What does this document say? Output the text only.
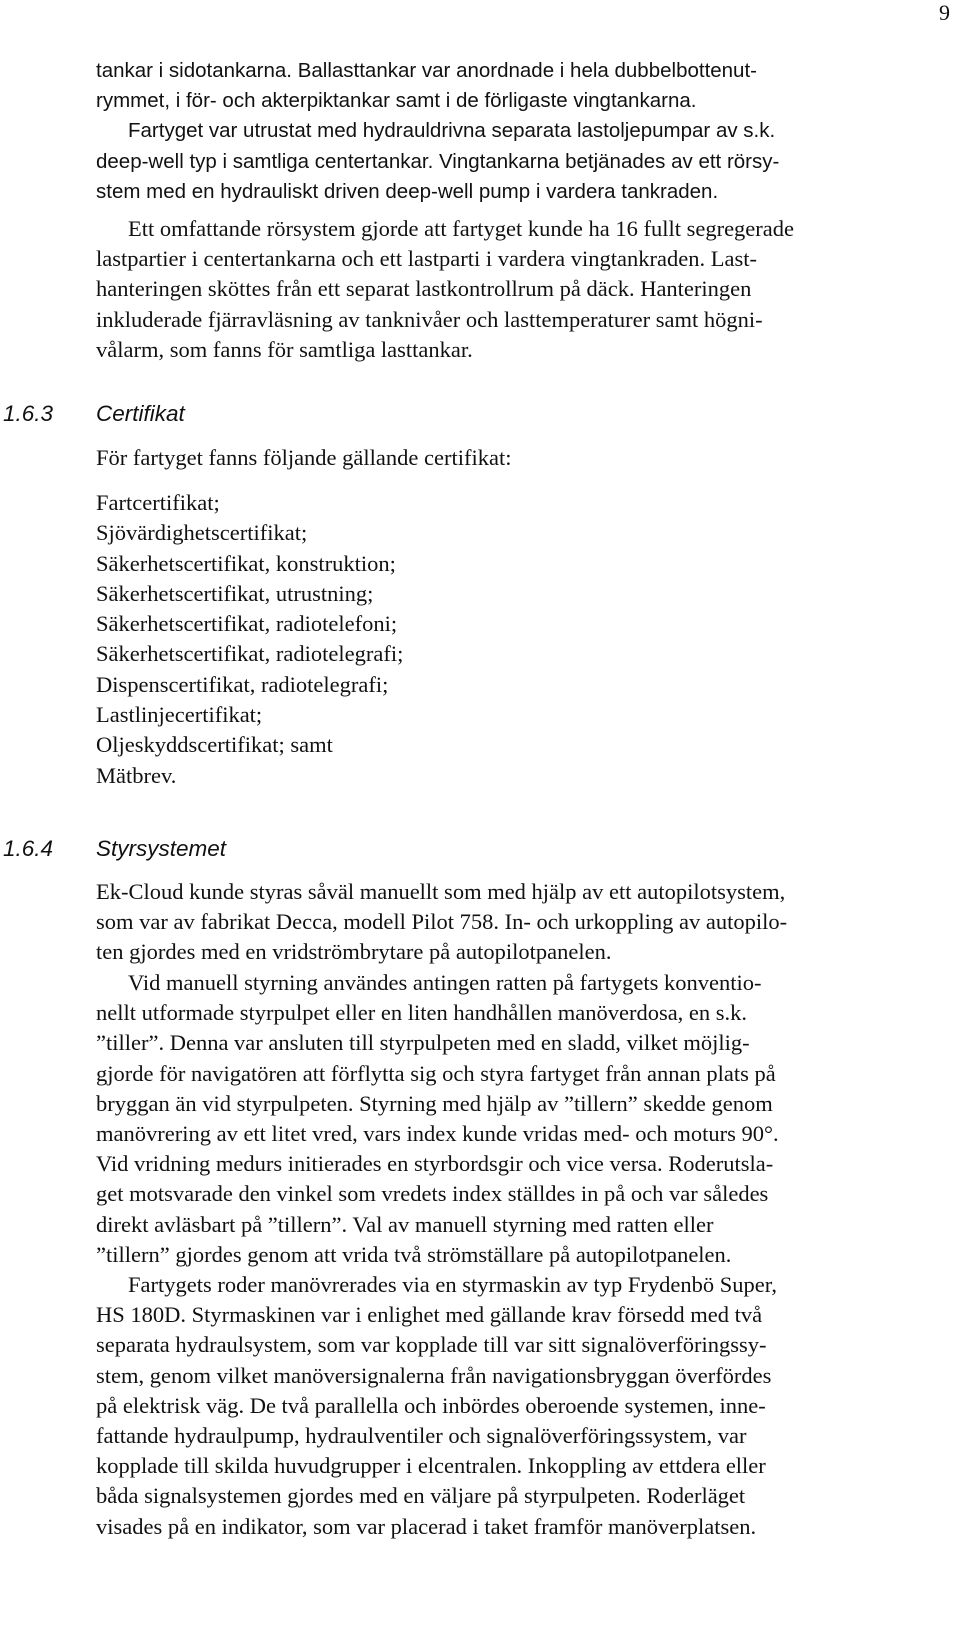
9
tankar i sidotankarna. Ballasttankar var anordnade i hela dubbelbottenut-
rymmet, i för- och akterpiktankar samt i de förligaste vingtankarna.
Fartyget var utrustat med hydrauldrivna separata lastoljepumpar av s.k.
deep-well typ i samtliga centertankar. Vingtankarna betjänades av ett rörsy-
stem med en hydrauliskt driven deep-well pump i vardera tankraden.
Ett omfattande rörsystem gjorde att fartyget kunde ha 16 fullt segregerade
lastpartier i centertankarna och ett lastparti i vardera vingtankraden. Last-
hanteringen sköttes från ett separat lastkontrollrum på däck. Hanteringen
inkluderade fjärravläsning av tanknivåer och lasttemperaturer samt högni-
vålarm, som fanns för samtliga lasttankar.
1.6.3 Certifikat
För fartyget fanns följande gällande certifikat:
Fartcertifikat;
Sjövärdighetscertifikat;
Säkerhetscertifikat, konstruktion;
Säkerhetscertifikat, utrustning;
Säkerhetscertifikat, radiotelefoni;
Säkerhetscertifikat, radiotelegrafi;
Dispenscertifikat, radiotelegrafi;
Lastlinjecertifikat;
Oljeskyddscertifikat; samt
Mätbrev.
1.6.4 Styrsystemet
Ek-Cloud kunde styras såväl manuellt som med hjälp av ett autopilotsystem,
som var av fabrikat Decca, modell Pilot 758. In- och urkoppling av autopilo-
ten gjordes med en vridströmbrytare på autopilotpanelen.
Vid manuell styrning användes antingen ratten på fartygets konventio-
nellt utformade styrpulpet eller en liten handhållen manöverdosa, en s.k.
”tiller”. Denna var ansluten till styrpulpeten med en sladd, vilket möjlig-
gjorde för navigatören att förflytta sig och styra fartyget från annan plats på
bryggan än vid styrpulpeten. Styrning med hjälp av ”tillern” skedde genom
manövrering av ett litet vred, vars index kunde vridas med- och moturs 90°.
Vid vridning medurs initierades en styrbordsgir och vice versa. Roderutsla-
get motsvarade den vinkel som vredets index ställdes in på och var således
direkt avläsbart på ”tillern”. Val av manuell styrning med ratten eller
”tillern” gjordes genom att vrida två strömställare på autopilotpanelen.
Fartygets roder manövrerades via en styrmaskin av typ Frydenbö Super,
HS 180D. Styrmaskinen var i enlighet med gällande krav försedd med två
separata hydraulsystem, som var kopplade till var sitt signalöverföringssy-
stem, genom vilket manöversignalerna från navigationsbryggan överfördes
på elektrisk väg. De två parallella och inbördes oberoende systemen, inne-
fattande hydraulpump, hydraulventiler och signalöverföringssystem, var
kopplade till skilda huvudgrupper i elcentralen. Inkoppling av ettdera eller
båda signalsystemen gjordes med en väljare på styrpulpeten. Roderläget
visades på en indikator, som var placerad i taket framför manöverplatsen.
